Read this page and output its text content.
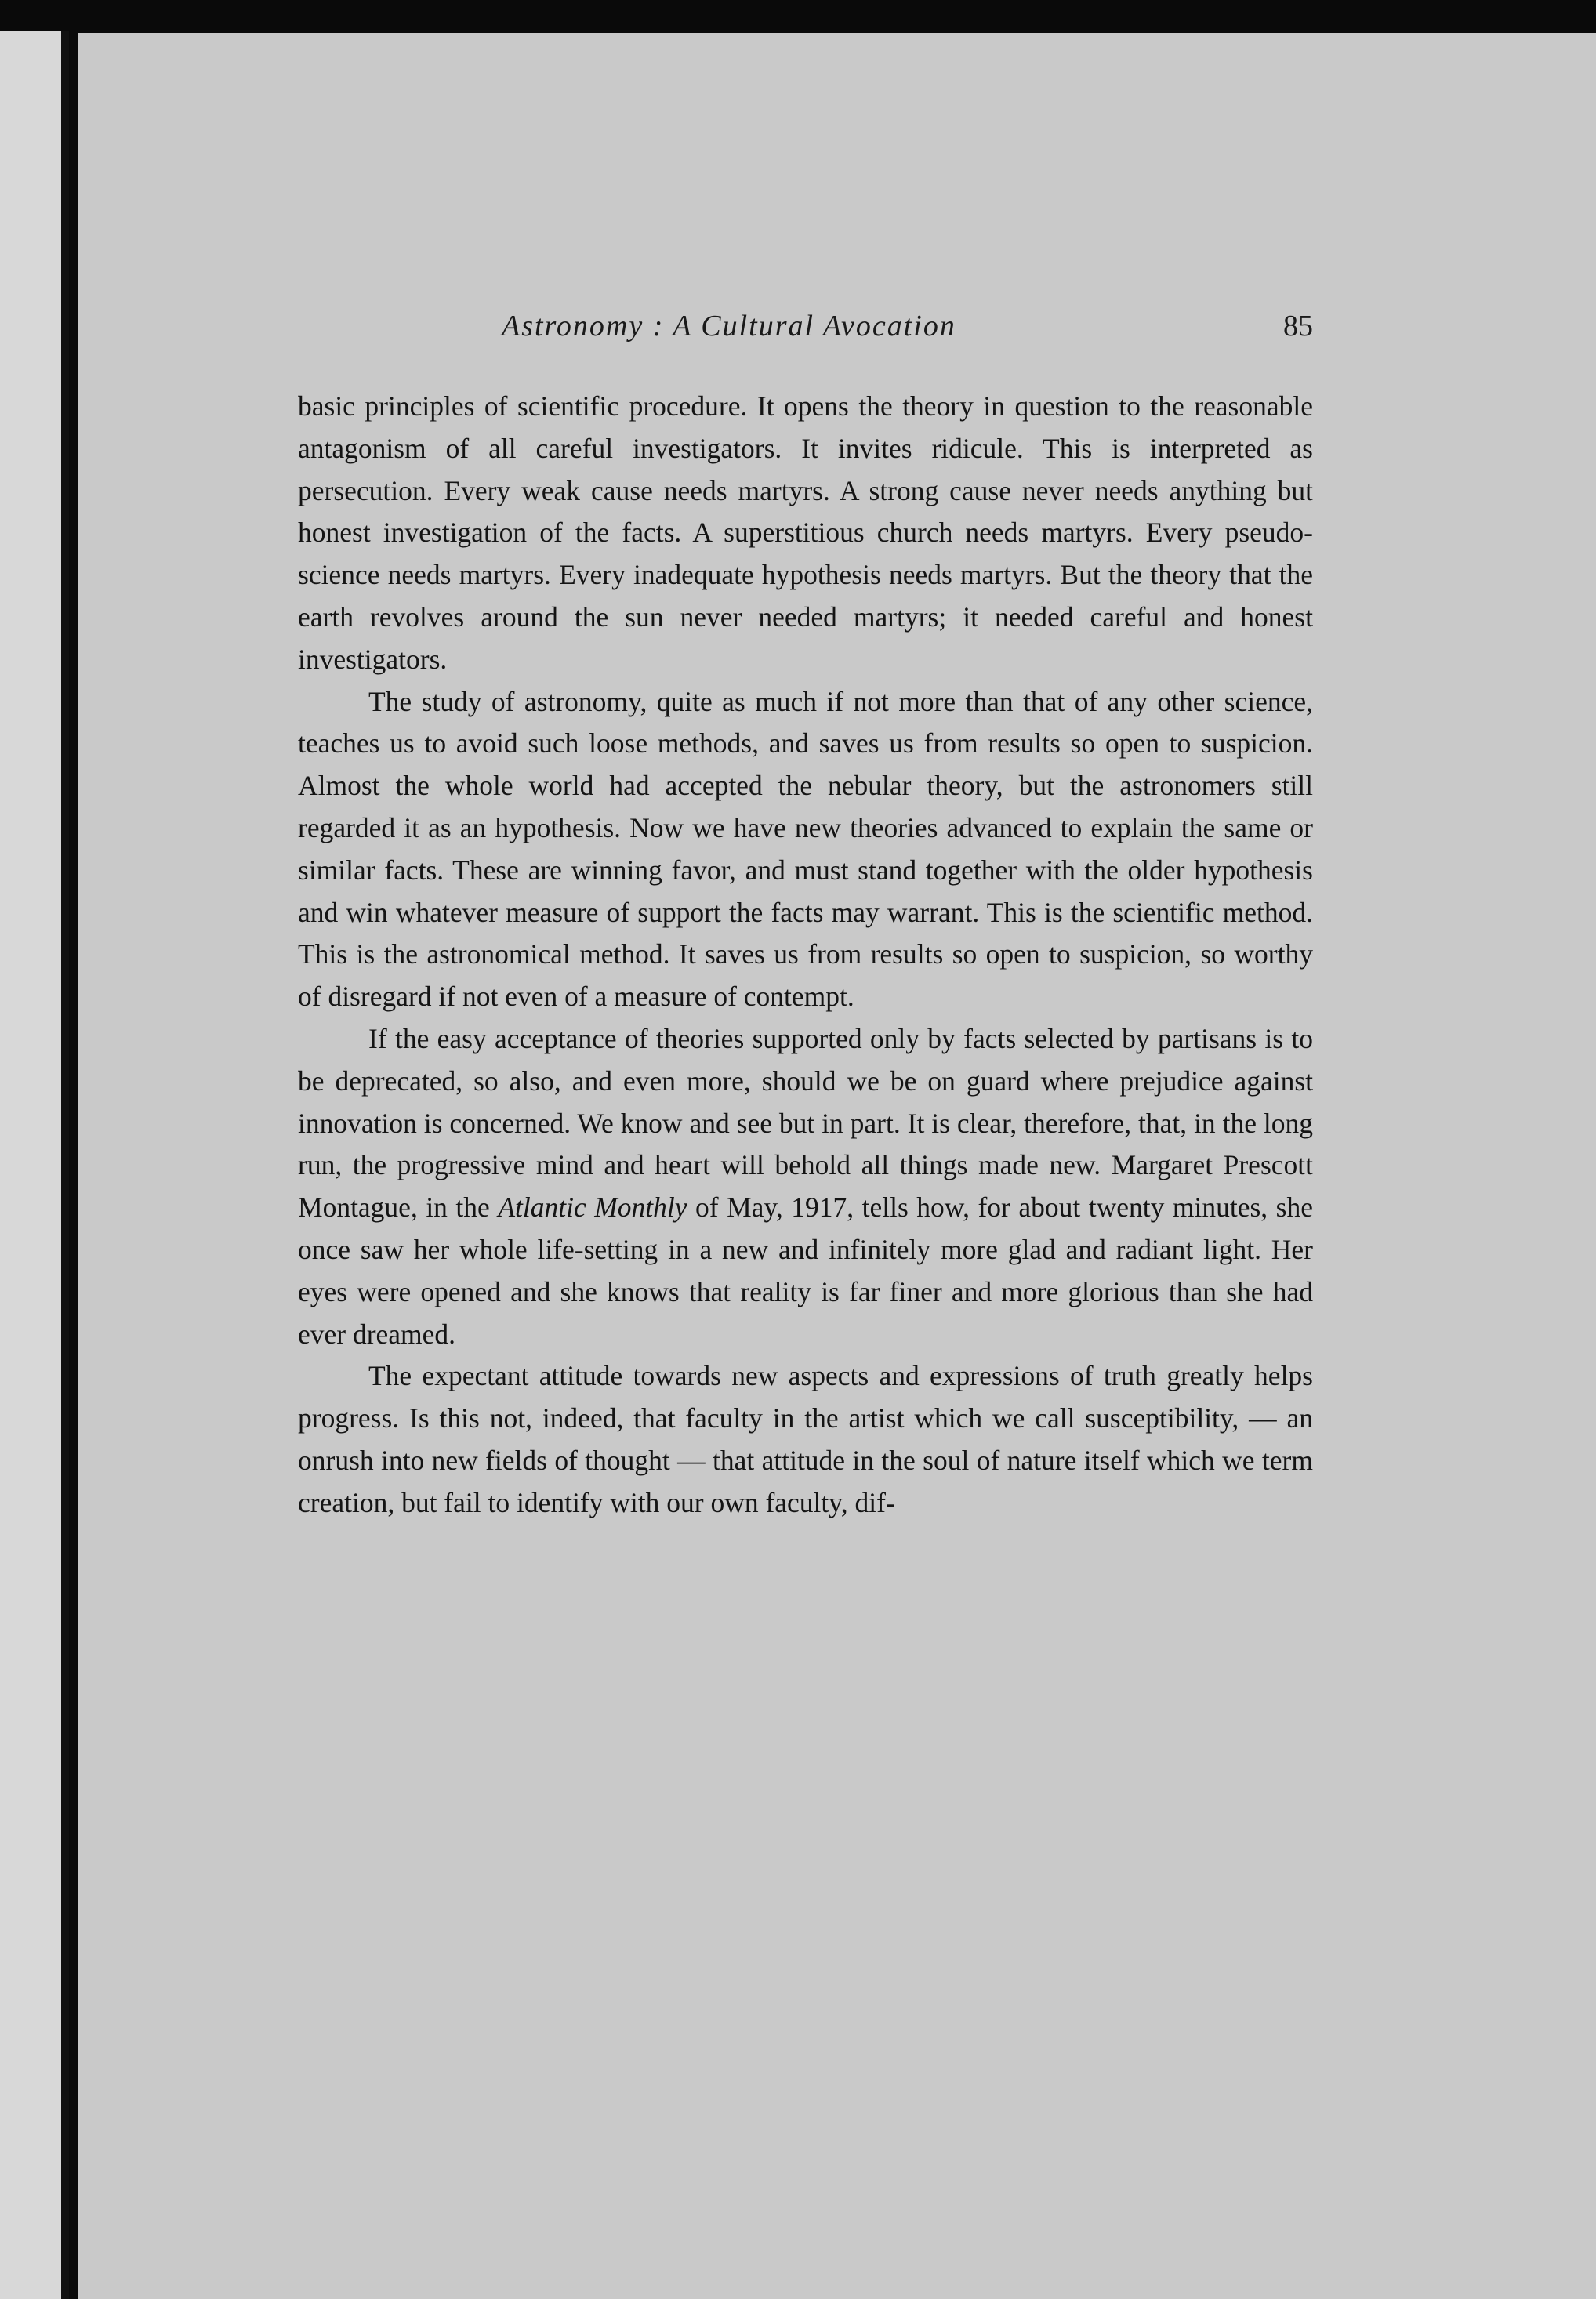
Astronomy : A Cultural Avocation	85

basic principles of scientific procedure. It opens the theory in question to the reasonable antagonism of all careful investigators. It invites ridicule. This is interpreted as persecution. Every weak cause needs martyrs. A strong cause never needs anything but honest investigation of the facts. A superstitious church needs martyrs. Every pseudo-science needs martyrs. Every inadequate hypothesis needs martyrs. But the theory that the earth revolves around the sun never needed martyrs; it needed careful and honest investigators.

The study of astronomy, quite as much if not more than that of any other science, teaches us to avoid such loose methods, and saves us from results so open to suspicion. Almost the whole world had accepted the nebular theory, but the astronomers still regarded it as an hypothesis. Now we have new theories advanced to explain the same or similar facts. These are winning favor, and must stand together with the older hypothesis and win whatever measure of support the facts may warrant. This is the scientific method. This is the astronomical method. It saves us from results so open to suspicion, so worthy of disregard if not even of a measure of contempt.

If the easy acceptance of theories supported only by facts selected by partisans is to be deprecated, so also, and even more, should we be on guard where prejudice against innovation is concerned. We know and see but in part. It is clear, therefore, that, in the long run, the progressive mind and heart will behold all things made new. Margaret Prescott Montague, in the Atlantic Monthly of May, 1917, tells how, for about twenty minutes, she once saw her whole life-setting in a new and infinitely more glad and radiant light. Her eyes were opened and she knows that reality is far finer and more glorious than she had ever dreamed.

The expectant attitude towards new aspects and expressions of truth greatly helps progress. Is this not, indeed, that faculty in the artist which we call susceptibility, — an onrush into new fields of thought — that attitude in the soul of nature itself which we term creation, but fail to identify with our own faculty, dif-
